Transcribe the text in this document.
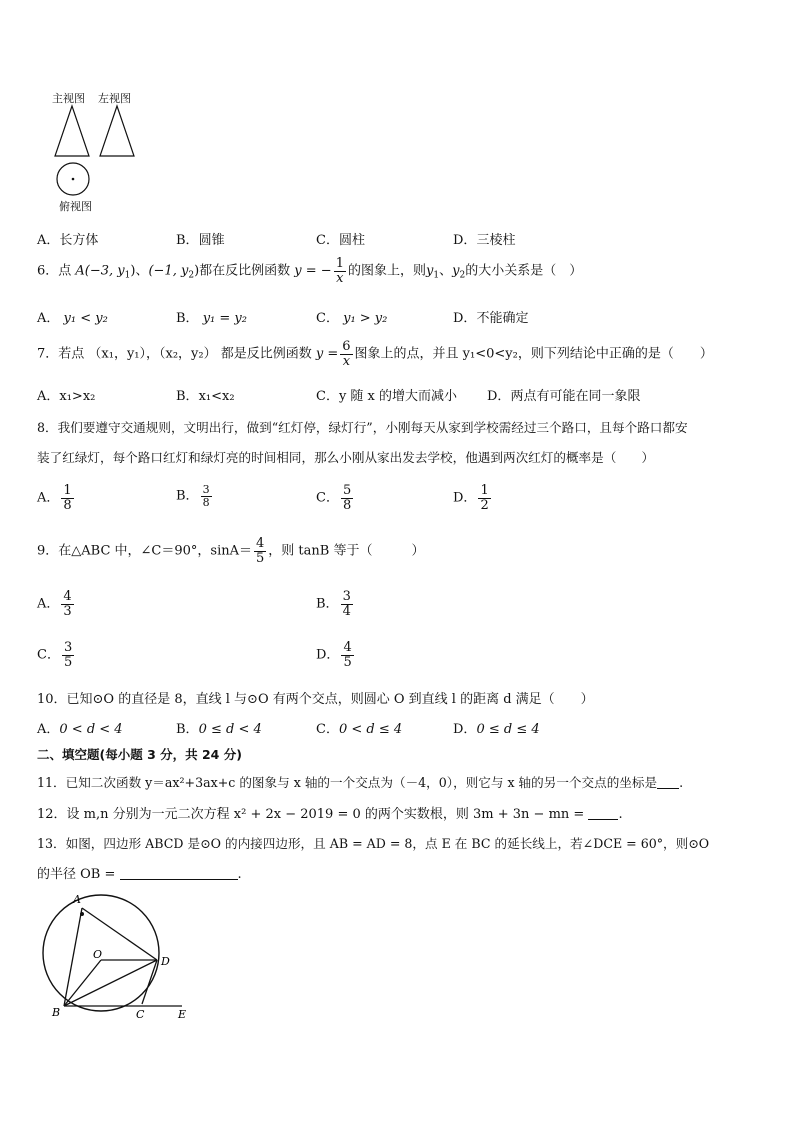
主视图 左视图
俯视图
A．长方体	B．圆锥	C．圆柱	D．三棱柱
6．点 A(−3, $y_1$)、(−1, $y_2$)都在反比例函数 y = − $\frac{1}{x}$ 的图象上，则$y_1$、$y_2$的大小关系是（　）
A． y₁ < y₂	B． y₁ = y₂	C． y₁ > y₂	D．不能确定
7．若点 （x₁，y₁），（x₂，y₂） 都是反比例函数 $y = \frac{6}{x}$ 图象上的点，并且 y₁<0<y₂，则下列结论中正确的是（　　）
A．x₁>x₂	B．x₁<x₂	C．y 随 x 的增大而减小 D．两点有可能在同一象限
8．我们要遵守交通规则，文明出行，做到“红灯停，绿灯行”，小刚每天从家到学校需经过三个路口，且每个路口都安
装了红绿灯，每个路口红灯和绿灯亮的时间相同，那么小刚从家出发去学校，他遇到两次红灯的概率是（　　）
A． $\frac{1}{8}$	B． $\frac{3}{8}$	C． $\frac{5}{8}$	D． $\frac{1}{2}$
9．在△ABC 中，∠C＝90°，$\sin A= \frac{4}{5}$ ，则 tanB 等于（　　　）
A． $\frac{4}{3}$	B． $\frac{3}{4}$
C． $\frac{3}{5}$	D． $\frac{4}{5}$
10．已知⊙O 的直径是 8，直线 l 与⊙O 有两个交点，则圆心 O 到直线 l 的距离 d 满足（　　）
A．0 < d < 4	B．0 ≤ d < 4	C．0 < d ≤ 4	D．0 ≤ d ≤ 4
二、填空题(每小题 3 分，共 24 分)
11．已知二次函数 y＝ax²+3ax+c 的图象与 x 轴的一个交点为（－4，0），则它与 x 轴的另一个交点的坐标是 .
12．设 m,n 分别为一元二次方程 x² + 2x − 2019 = 0 的两个实数根，则 3m + 3n − mn =	.
13．如图，四边形 ABCD 是⊙O 的内接四边形，且 AB = AD = 8，点 E 在 BC 的延长线上，若∠DCE = 60°，则⊙O
的半径 OB =	.
A
O
D
B	C	E
